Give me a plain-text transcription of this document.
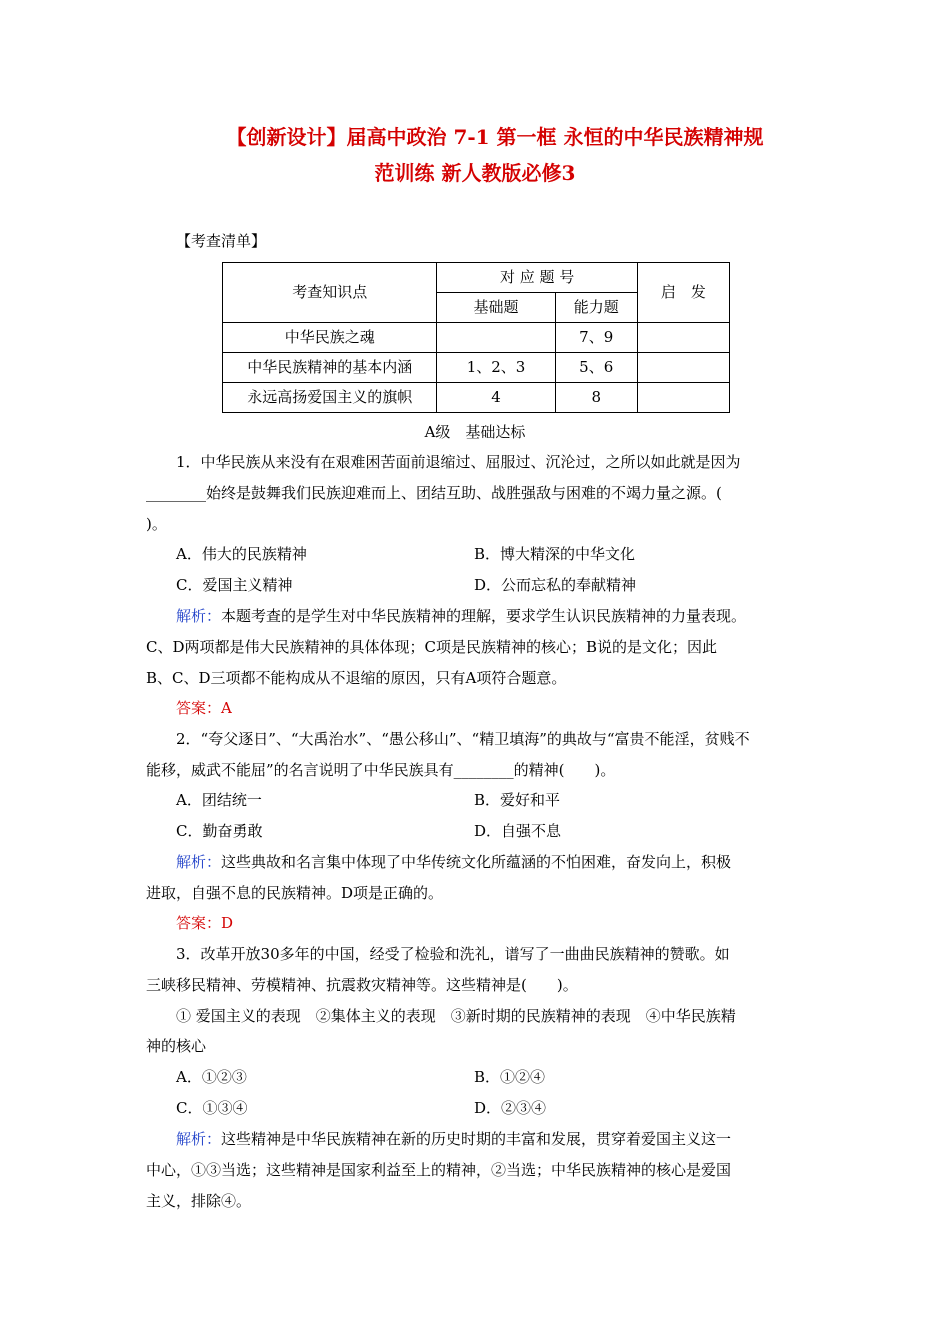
【创新设计】届高中政治 7-1 第一框 永恒的中华民族精神规
范训练 新人教版必修3
【考查清单】
考查知识点	对 应 题 号		启　发
	基础题	能力题	
中华民族之魂		7、9	
中华民族精神的基本内涵	1、2、3	5、6	
永远高扬爱国主义的旗帜	4	8	
A级　基础达标
1．中华民族从来没有在艰难困苦面前退缩过、屈服过、沉沦过，之所以如此就是因为
________始终是鼓舞我们民族迎难而上、团结互助、战胜强敌与困难的不竭力量之源。(
)。
A．伟大的民族精神	B．博大精深的中华文化
C．爱国主义精神	D．公而忘私的奉献精神
解析：本题考查的是学生对中华民族精神的理解，要求学生认识民族精神的力量表现。
C、D两项都是伟大民族精神的具体体现；C项是民族精神的核心；B说的是文化；因此
B、C、D三项都不能构成从不退缩的原因，只有A项符合题意。
答案：A
2．“夸父逐日”、“大禹治水”、“愚公移山”、“精卫填海”的典故与“富贵不能淫，贫贱不
能移，威武不能屈”的名言说明了中华民族具有________的精神(　　)。
A．团结统一	B．爱好和平
C．勤奋勇敢	D．自强不息
解析：这些典故和名言集中体现了中华传统文化所蕴涵的不怕困难，奋发向上，积极
进取，自强不息的民族精神。D项是正确的。
答案：D
3．改革开放30多年的中国，经受了检验和洗礼，谱写了一曲曲民族精神的赞歌。如
三峡移民精神、劳模精神、抗震救灾精神等。这些精神是(　　)。
① 爱国主义的表现　②集体主义的表现　③新时期的民族精神的表现　④中华民族精
神的核心
A．①②③	B．①②④
C．①③④	D．②③④
解析：这些精神是中华民族精神在新的历史时期的丰富和发展，贯穿着爱国主义这一
中心，①③当选；这些精神是国家利益至上的精神，②当选；中华民族精神的核心是爱国
主义，排除④。
